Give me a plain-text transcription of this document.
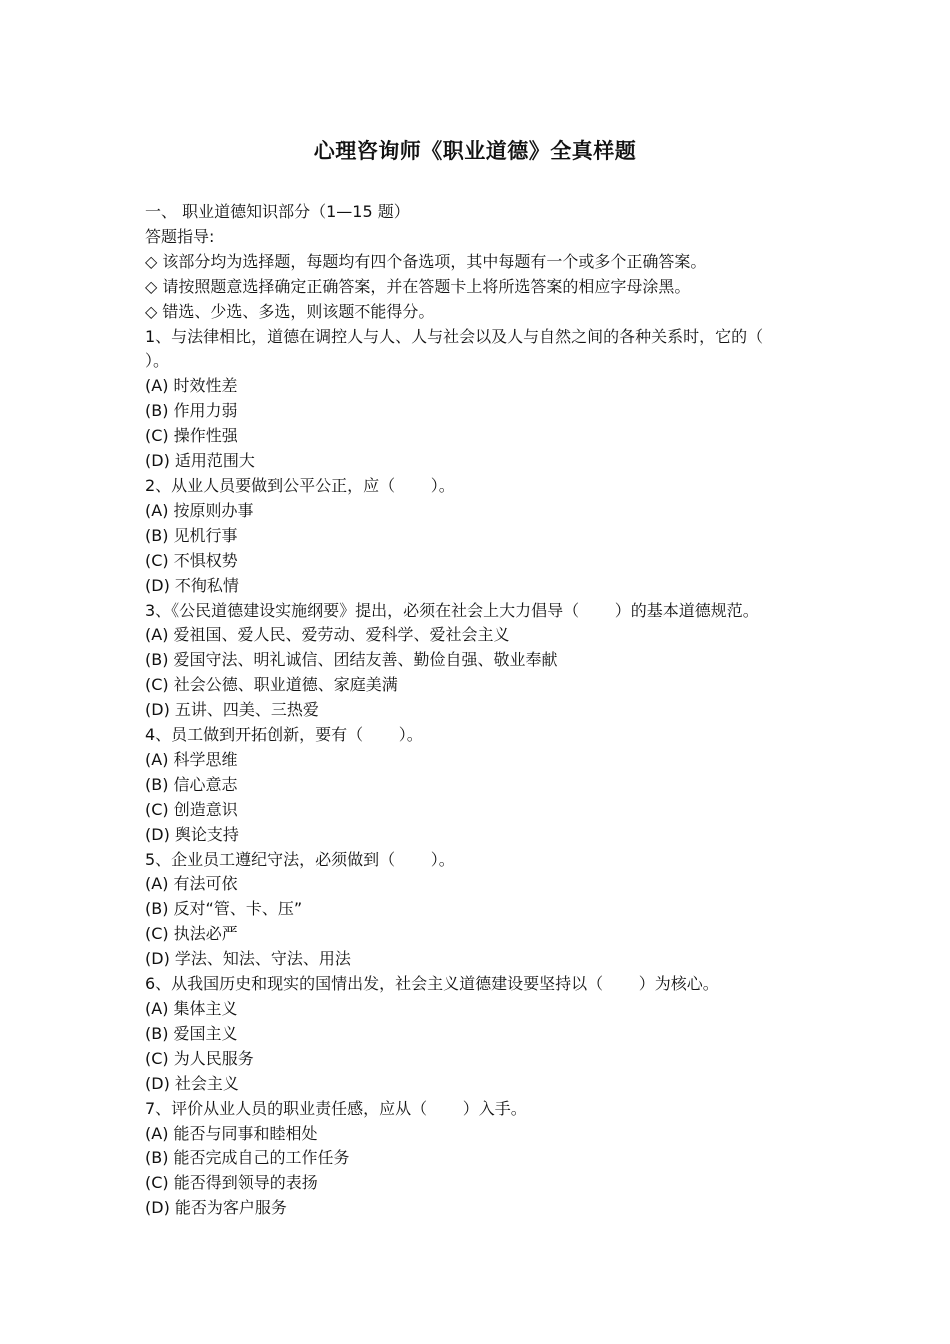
心理咨询师《职业道德》全真样题

一、 职业道德知识部分（1—15 题）

答题指导:

◇ 该部分均为选择题，每题均有四个备选项，其中每题有一个或多个正确答案。

◇ 请按照题意选择确定正确答案，并在答题卡上将所选答案的相应字母涂黑。

◇ 错选、少选、多选，则该题不能得分。

1、与法律相比，道德在调控人与人、人与社会以及人与自然之间的各种关系时，它的（     ）。

(A) 时效性差

(B) 作用力弱

(C) 操作性强

(D) 适用范围大

2、从业人员要做到公平公正，应（       ）。

(A) 按原则办事

(B) 见机行事

(C) 不惧权势

(D) 不徇私情

3、《公民道德建设实施纲要》提出，必须在社会上大力倡导（       ）的基本道德规范。

(A) 爱祖国、爱人民、爱劳动、爱科学、爱社会主义

(B) 爱国守法、明礼诚信、团结友善、勤俭自强、敬业奉献

(C) 社会公德、职业道德、家庭美满

(D) 五讲、四美、三热爱

4、员工做到开拓创新，要有（       ）。

(A) 科学思维

(B) 信心意志

(C) 创造意识

(D) 舆论支持

5、企业员工遵纪守法，必须做到（       ）。

(A) 有法可依

(B) 反对“管、卡、压”

(C) 执法必严

(D) 学法、知法、守法、用法

6、从我国历史和现实的国情出发，社会主义道德建设要坚持以（       ）为核心。

(A) 集体主义

(B) 爱国主义

(C) 为人民服务

(D) 社会主义

7、评价从业人员的职业责任感，应从（       ）入手。

(A) 能否与同事和睦相处

(B) 能否完成自己的工作任务

(C) 能否得到领导的表扬

(D) 能否为客户服务
